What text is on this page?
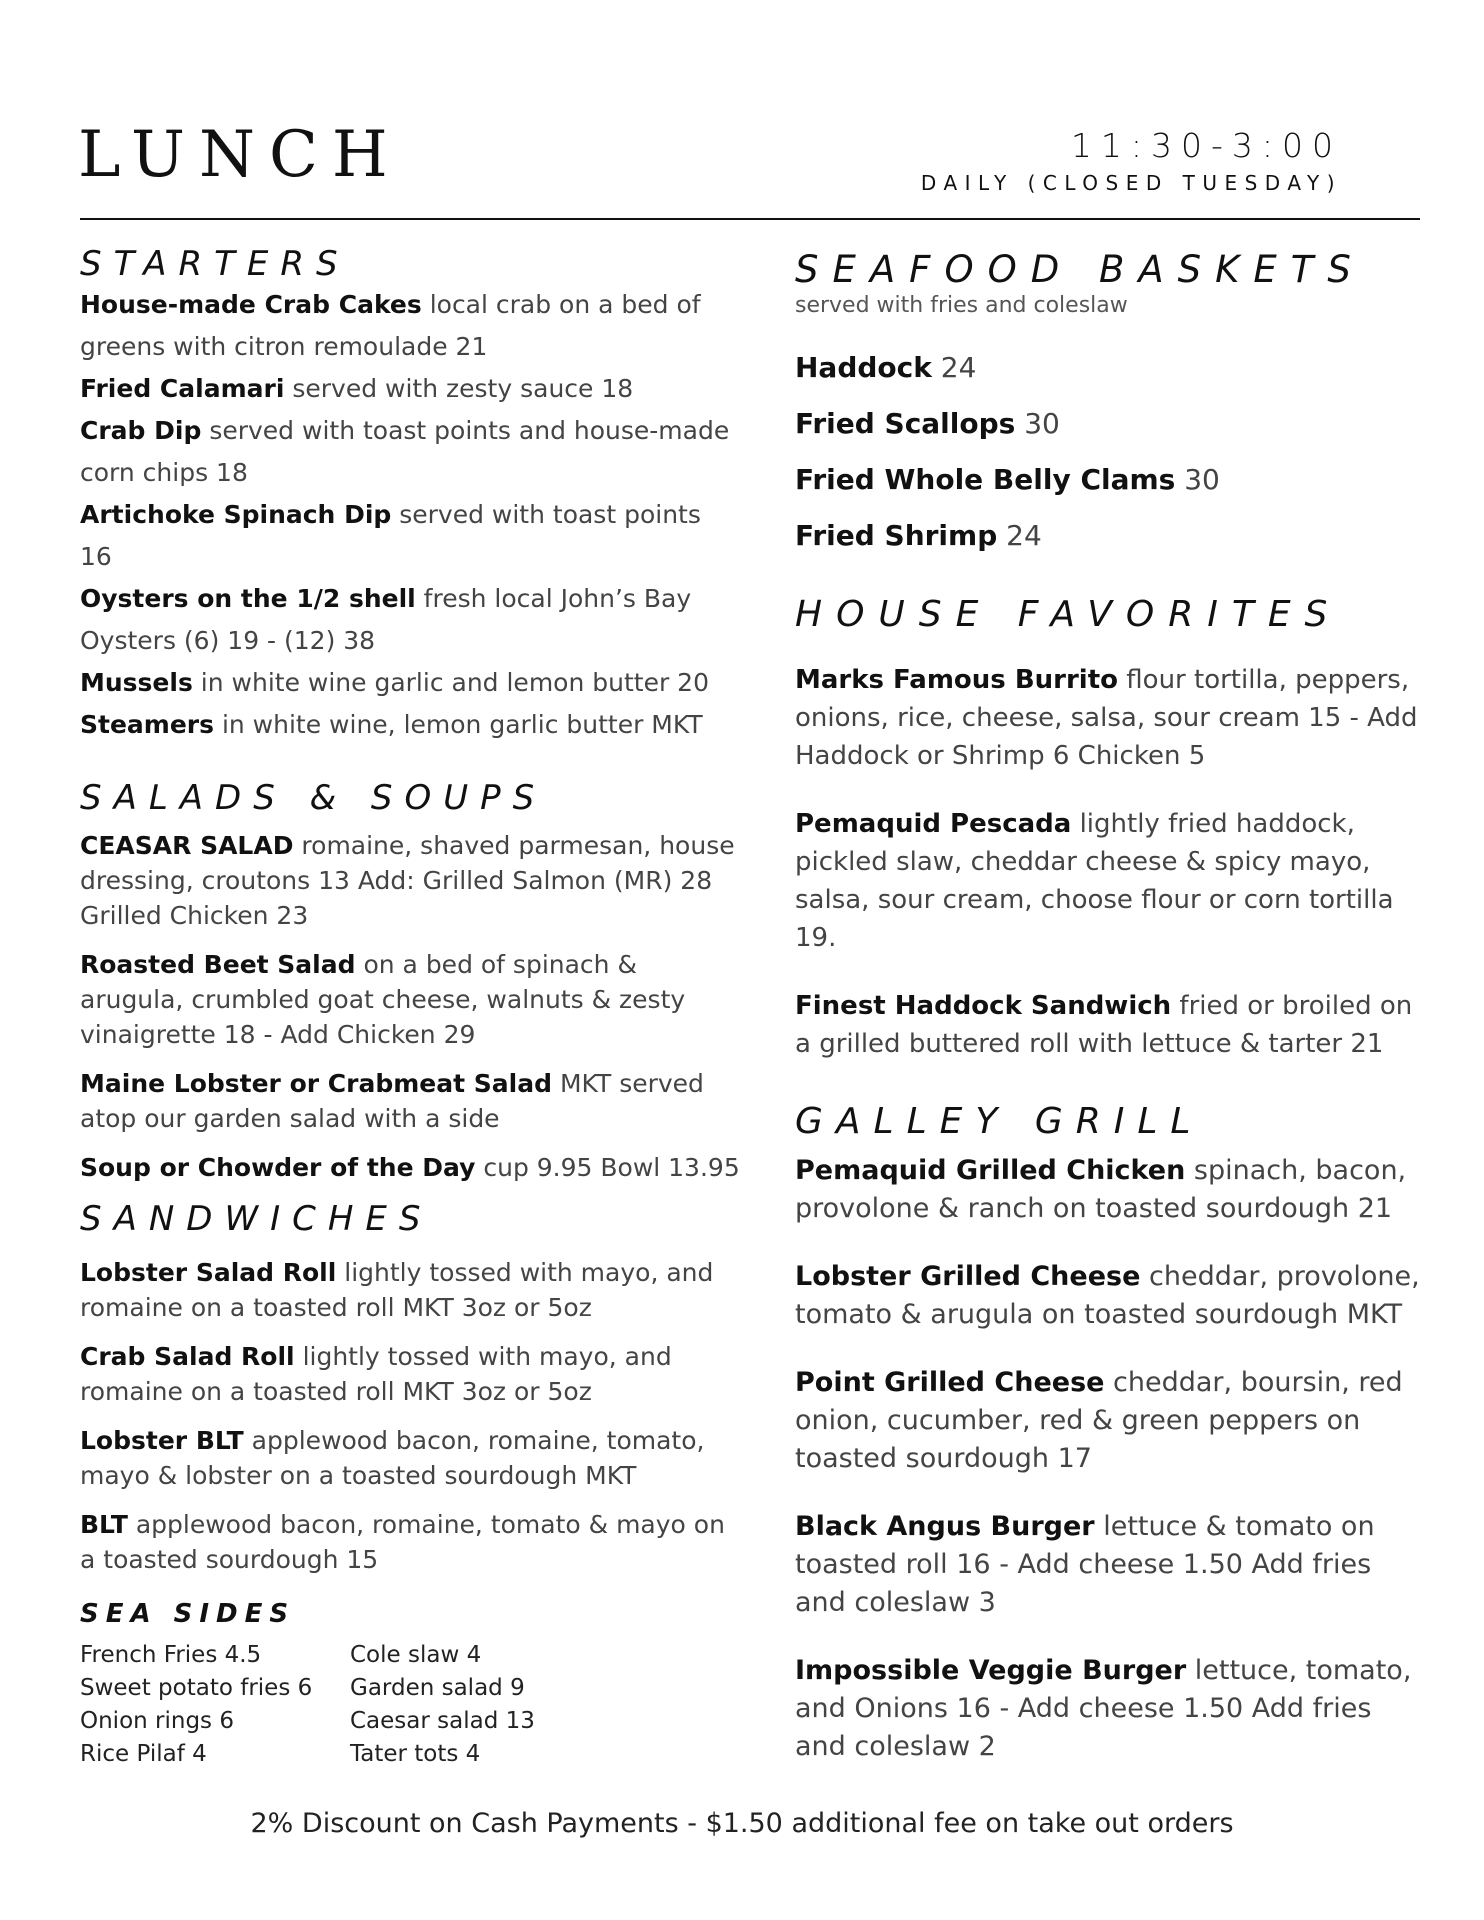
LUNCH	11:30-3:00
DAILY (CLOSED TUESDAY)
STARTERS
House-made Crab Cakes local crab on a bed of greens with citron remoulade 21
Fried Calamari served with zesty sauce 18
Crab Dip served with toast points and house-made corn chips 18
Artichoke Spinach Dip served with toast points 16
Oysters on the 1/2 shell fresh local John’s Bay Oysters (6) 19 - (12) 38
Mussels in white wine garlic and lemon butter 20
Steamers in white wine, lemon garlic butter MKT
SALADS & SOUPS
CEASAR SALAD romaine, shaved parmesan, house dressing, croutons 13 Add: Grilled Salmon (MR) 28 Grilled Chicken 23
Roasted Beet Salad on a bed of spinach & arugula, crumbled goat cheese, walnuts & zesty vinaigrette 18 - Add Chicken 29
Maine Lobster or Crabmeat Salad MKT served atop our garden salad with a side
Soup or Chowder of the Day cup 9.95 Bowl 13.95
SANDWICHES
Lobster Salad Roll lightly tossed with mayo, and romaine on a toasted roll MKT 3oz or 5oz
Crab Salad Roll lightly tossed with mayo, and romaine on a toasted roll MKT 3oz or 5oz
Lobster BLT applewood bacon, romaine, tomato, mayo & lobster on a toasted sourdough MKT
BLT applewood bacon, romaine, tomato & mayo on a toasted sourdough 15
SEA SIDES
French Fries 4.5	Cole slaw 4
Sweet potato fries 6	Garden salad 9
Onion rings 6	Caesar salad 13
Rice Pilaf 4	Tater tots 4
SEAFOOD BASKETS
served with fries and coleslaw
Haddock 24
Fried Scallops 30
Fried Whole Belly Clams 30
Fried Shrimp 24
HOUSE FAVORITES
Marks Famous Burrito flour tortilla, peppers, onions, rice, cheese, salsa, sour cream 15 - Add Haddock or Shrimp 6 Chicken 5
Pemaquid Pescada lightly fried haddock, pickled slaw, cheddar cheese & spicy mayo, salsa, sour cream, choose flour or corn tortilla 19.
Finest Haddock Sandwich fried or broiled on a grilled buttered roll with lettuce & tarter 21
GALLEY GRILL
Pemaquid Grilled Chicken spinach, bacon, provolone & ranch on toasted sourdough 21
Lobster Grilled Cheese cheddar, provolone, tomato & arugula on toasted sourdough MKT
Point Grilled Cheese cheddar, boursin, red onion, cucumber, red & green peppers on toasted sourdough 17
Black Angus Burger lettuce & tomato on toasted roll 16 - Add cheese 1.50 Add fries and coleslaw 3
Impossible Veggie Burger lettuce, tomato, and Onions 16 - Add cheese 1.50 Add fries and coleslaw 2
2% Discount on Cash Payments - $1.50 additional fee on take out orders
